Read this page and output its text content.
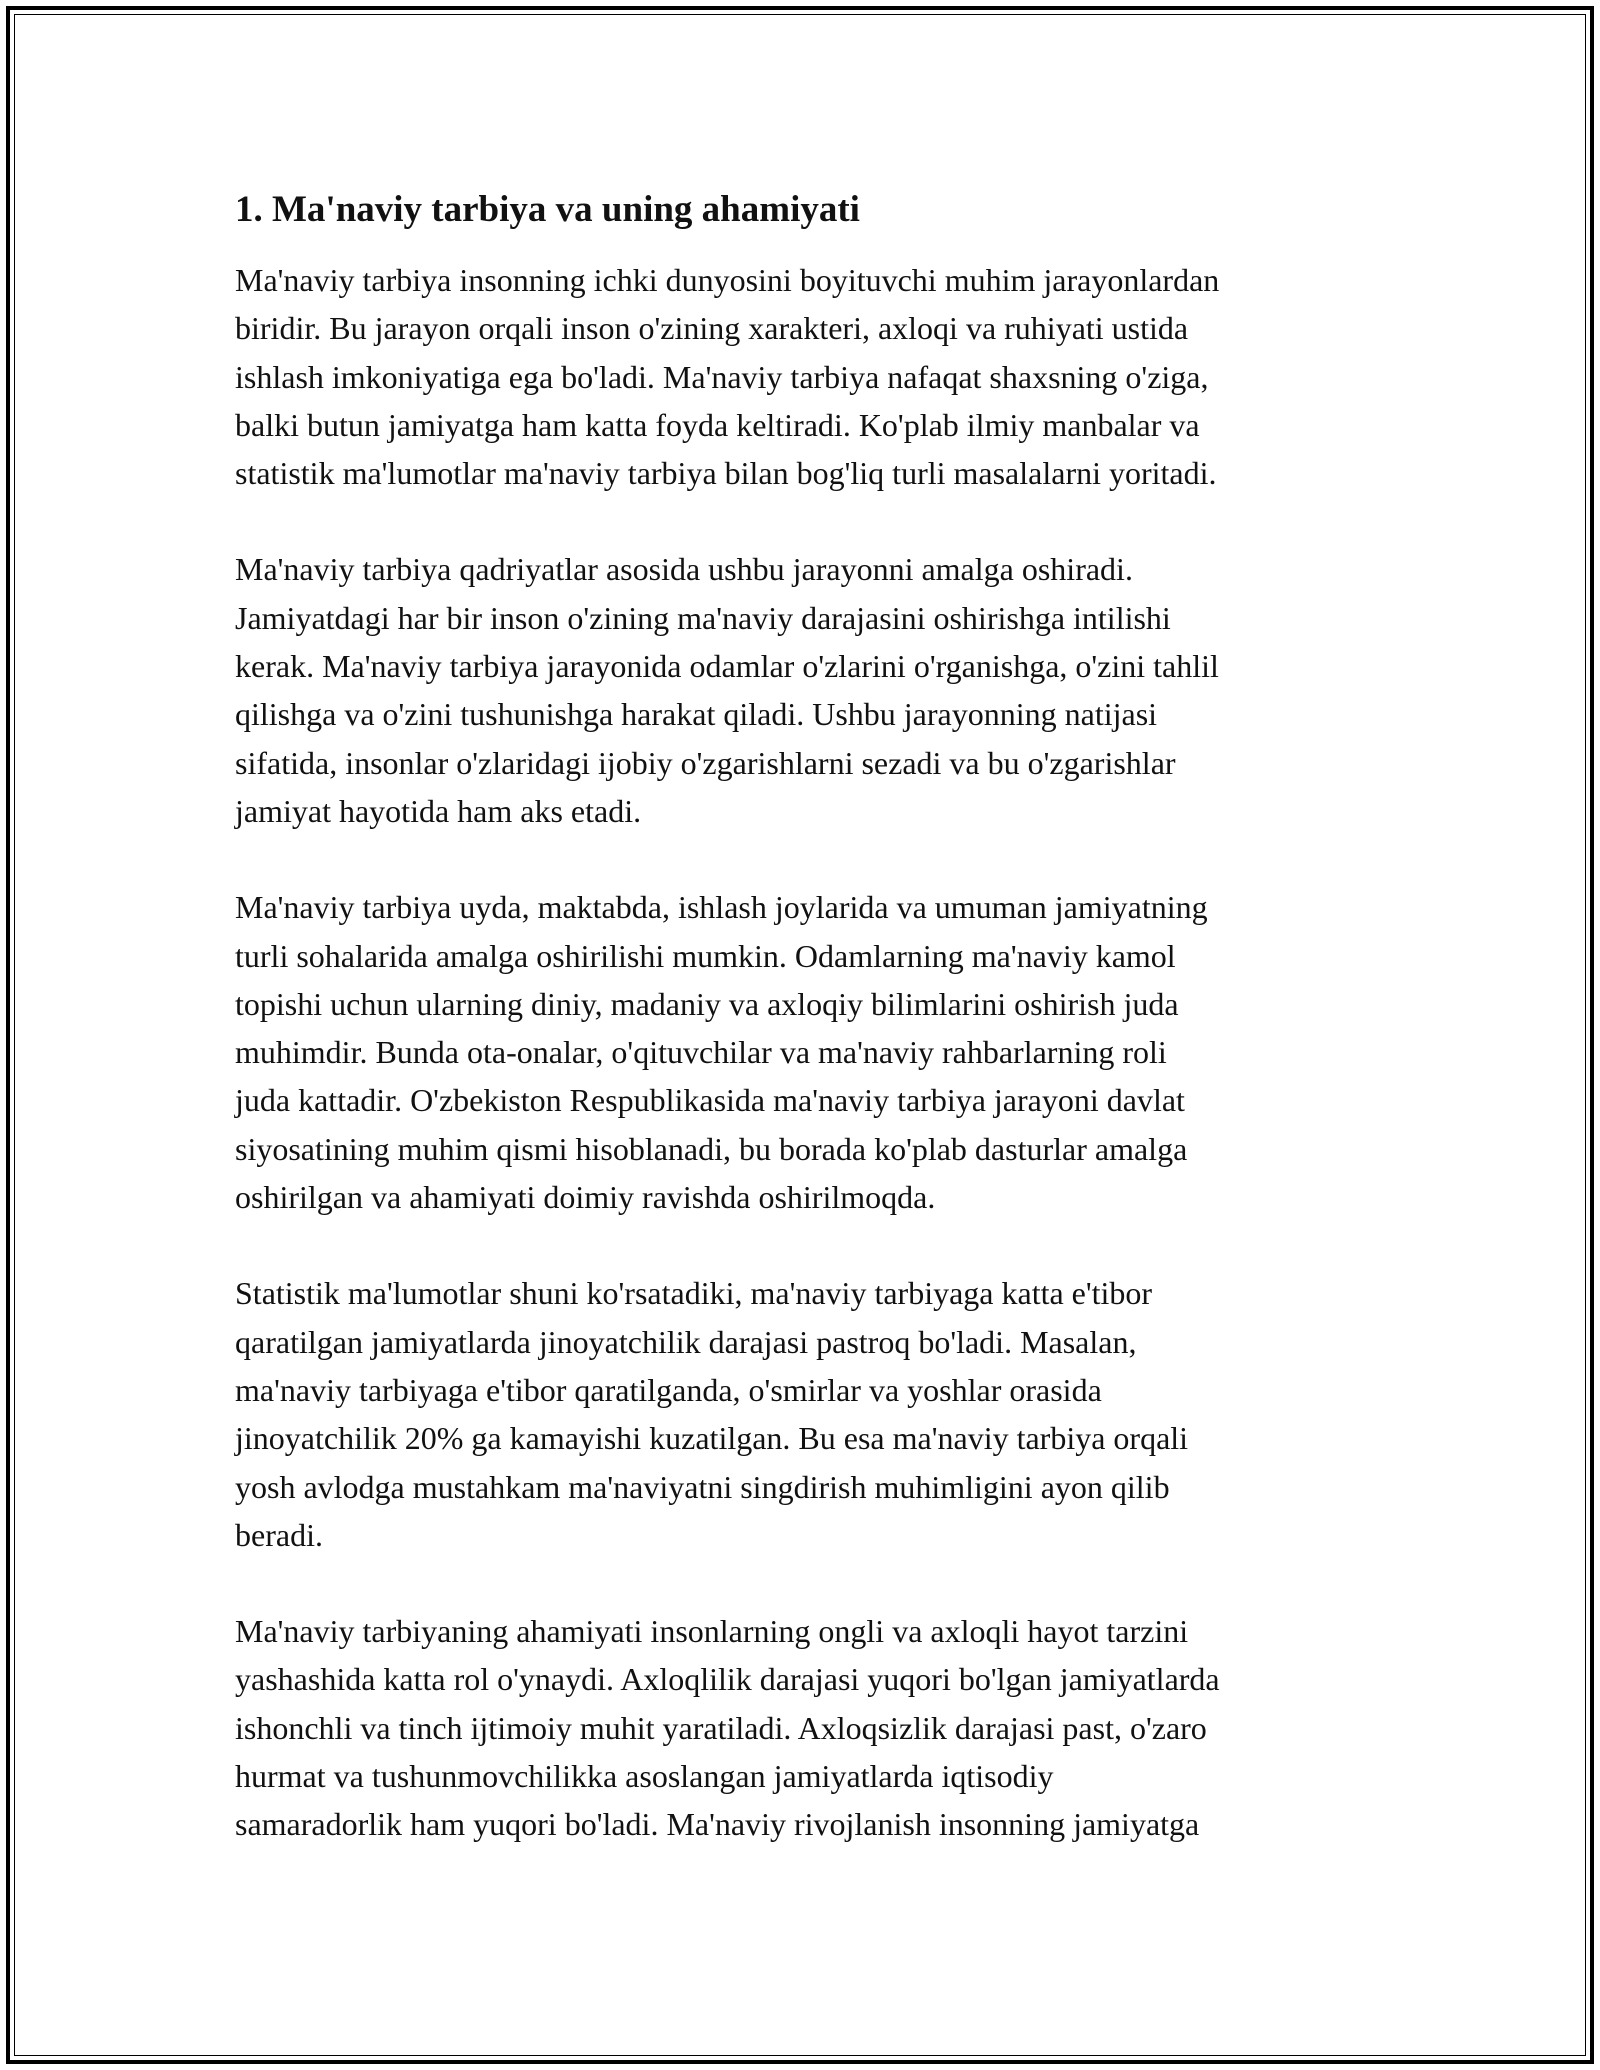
1. Ma'naviy tarbiya va uning ahamiyati
Ma'naviy tarbiya insonning ichki dunyosini boyituvchi muhim jarayonlardan
biridir. Bu jarayon orqali inson o'zining xarakteri, axloqi va ruhiyati ustida
ishlash imkoniyatiga ega bo'ladi. Ma'naviy tarbiya nafaqat shaxsning o'ziga,
balki butun jamiyatga ham katta foyda keltiradi. Ko'plab ilmiy manbalar va
statistik ma'lumotlar ma'naviy tarbiya bilan bog'liq turli masalalarni yoritadi.
Ma'naviy tarbiya qadriyatlar asosida ushbu jarayonni amalga oshiradi.
Jamiyatdagi har bir inson o'zining ma'naviy darajasini oshirishga intilishi
kerak. Ma'naviy tarbiya jarayonida odamlar o'zlarini o'rganishga, o'zini tahlil
qilishga va o'zini tushunishga harakat qiladi. Ushbu jarayonning natijasi
sifatida, insonlar o'zlaridagi ijobiy o'zgarishlarni sezadi va bu o'zgarishlar
jamiyat hayotida ham aks etadi.
Ma'naviy tarbiya uyda, maktabda, ishlash joylarida va umuman jamiyatning
turli sohalarida amalga oshirilishi mumkin. Odamlarning ma'naviy kamol
topishi uchun ularning diniy, madaniy va axloqiy bilimlarini oshirish juda
muhimdir. Bunda ota-onalar, o'qituvchilar va ma'naviy rahbarlarning roli
juda kattadir. O'zbekiston Respublikasida ma'naviy tarbiya jarayoni davlat
siyosatining muhim qismi hisoblanadi, bu borada ko'plab dasturlar amalga
oshirilgan va ahamiyati doimiy ravishda oshirilmoqda.
Statistik ma'lumotlar shuni ko'rsatadiki, ma'naviy tarbiyaga katta e'tibor
qaratilgan jamiyatlarda jinoyatchilik darajasi pastroq bo'ladi. Masalan,
ma'naviy tarbiyaga e'tibor qaratilganda, o'smirlar va yoshlar orasida
jinoyatchilik 20% ga kamayishi kuzatilgan. Bu esa ma'naviy tarbiya orqali
yosh avlodga mustahkam ma'naviyatni singdirish muhimligini ayon qilib
beradi.
Ma'naviy tarbiyaning ahamiyati insonlarning ongli va axloqli hayot tarzini
yashashida katta rol o'ynaydi. Axloqlilik darajasi yuqori bo'lgan jamiyatlarda
ishonchli va tinch ijtimoiy muhit yaratiladi. Axloqsizlik darajasi past, o'zaro
hurmat va tushunmovchilikka asoslangan jamiyatlarda iqtisodiy
samaradorlik ham yuqori bo'ladi. Ma'naviy rivojlanish insonning jamiyatga
